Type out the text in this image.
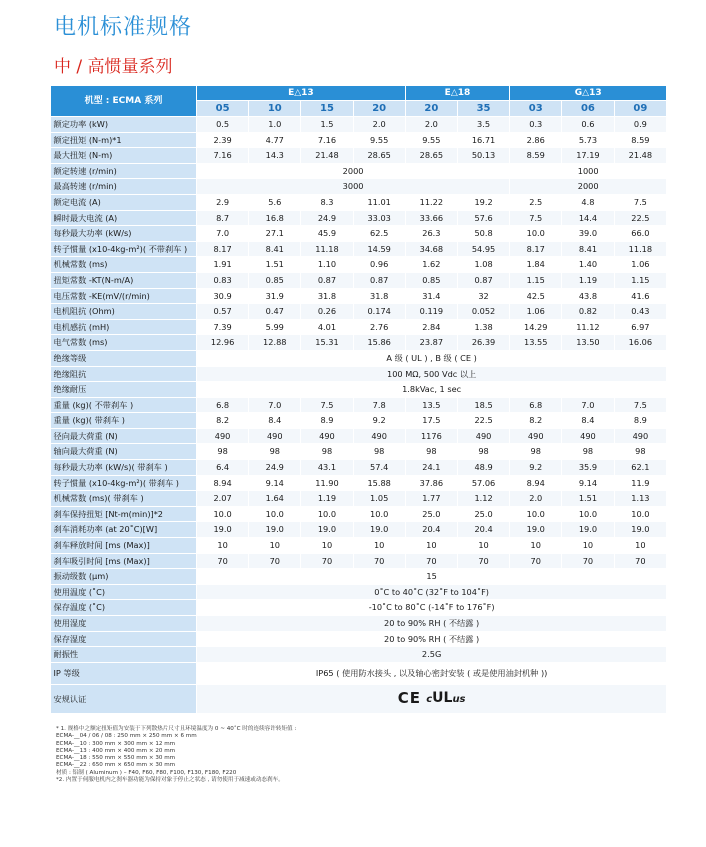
电机标准规格
中 / 高惯量系列
机型 : ECMA 系列	E△13				E△18		G△13		
	05	10	15	20	20	35	03	06	09
额定功率 (kW)	0.5	1.0	1.5	2.0	2.0	3.5	0.3	0.6	0.9
额定扭矩 (N-m)*1	2.39	4.77	7.16	9.55	9.55	16.71	2.86	5.73	8.59
最大扭矩 (N-m)	7.16	14.3	21.48	28.65	28.65	50.13	8.59	17.19	21.48
额定转速 (r/min)	2000						1000		
最高转速 (r/min)	3000						2000		
额定电流 (A)	2.9	5.6	8.3	11.01	11.22	19.2	2.5	4.8	7.5
瞬时最大电流 (A)	8.7	16.8	24.9	33.03	33.66	57.6	7.5	14.4	22.5
每秒最大功率 (kW/s)	7.0	27.1	45.9	62.5	26.3	50.8	10.0	39.0	66.0
转子惯量 (x10-4kg-m²)( 不带刹车 )	8.17	8.41	11.18	14.59	34.68	54.95	8.17	8.41	11.18
机械常数 (ms)	1.91	1.51	1.10	0.96	1.62	1.08	1.84	1.40	1.06
扭矩常数 -KT(N-m/A)	0.83	0.85	0.87	0.87	0.85	0.87	1.15	1.19	1.15
电压常数 -KE(mV/(r/min)	30.9	31.9	31.8	31.8	31.4	32	42.5	43.8	41.6
电机阻抗 (Ohm)	0.57	0.47	0.26	0.174	0.119	0.052	1.06	0.82	0.43
电机感抗 (mH)	7.39	5.99	4.01	2.76	2.84	1.38	14.29	11.12	6.97
电气常数 (ms)	12.96	12.88	15.31	15.86	23.87	26.39	13.55	13.50	16.06
绝缘等级	A 级 ( UL ) , B 级 ( CE )								
绝缘阻抗	100 MΩ, 500 Vdc 以上								
绝缘耐压	1.8kVac, 1 sec								
重量 (kg)( 不带刹车 )	6.8	7.0	7.5	7.8	13.5	18.5	6.8	7.0	7.5
重量 (kg)( 带刹车 )	8.2	8.4	8.9	9.2	17.5	22.5	8.2	8.4	8.9
径向最大荷重 (N)	490	490	490	490	1176	490	490	490	490
轴向最大荷重 (N)	98	98	98	98	98	98	98	98	98
每秒最大功率 (kW/s)( 带刹车 )	6.4	24.9	43.1	57.4	24.1	48.9	9.2	35.9	62.1
转子惯量 (x10-4kg-m²)( 带刹车 )	8.94	9.14	11.90	15.88	37.86	57.06	8.94	9.14	11.9
机械常数 (ms)( 带刹车 )	2.07	1.64	1.19	1.05	1.77	1.12	2.0	1.51	1.13
刹车保持扭矩 [Nt-m(min)]*2	10.0	10.0	10.0	10.0	25.0	25.0	10.0	10.0	10.0
刹车消耗功率 (at 20˚C)[W]	19.0	19.0	19.0	19.0	20.4	20.4	19.0	19.0	19.0
刹车释放时间 [ms (Max)]	10	10	10	10	10	10	10	10	10
刹车吸引时间 [ms (Max)]	70	70	70	70	70	70	70	70	70
振动级数 (μm)	15								
使用温度 (˚C)	0˚C to 40˚C (32˚F to 104˚F)								
保存温度 (˚C)	-10˚C to 80˚C (-14˚F to 176˚F)								
使用湿度	20 to 90% RH ( 不结露 )								
保存湿度	20 to 90% RH ( 不结露 )								
耐振性	2.5G								
IP 等级	IP65 ( 使用防水接头 , 以及轴心密封安装 ( 或是使用油封机种 ))								
安规认证	CE cULus								
* 1. 规格中之额定扭矩值为安装于下列散热片尺寸且环境温度为 0 ~ 40˚C 时的连续容许转矩值 :
ECMA-__04 / 06 / 08 : 250 mm × 250 mm × 6 mm
ECMA-__10 : 300 mm × 300 mm × 12 mm
ECMA-__13 : 400 mm × 400 mm × 20 mm
ECMA-__18 : 550 mm × 550 mm × 30 mm
ECMA-__22 : 650 mm × 650 mm × 30 mm
材质 : 铝制 ( Aluminum ) – F40, F60, F80, F100, F130, F180, F220
*2. 内置于伺服电机内之刹车器功能为保持对象于停止之状态 , 请勿使用于减速或动态刹车。
